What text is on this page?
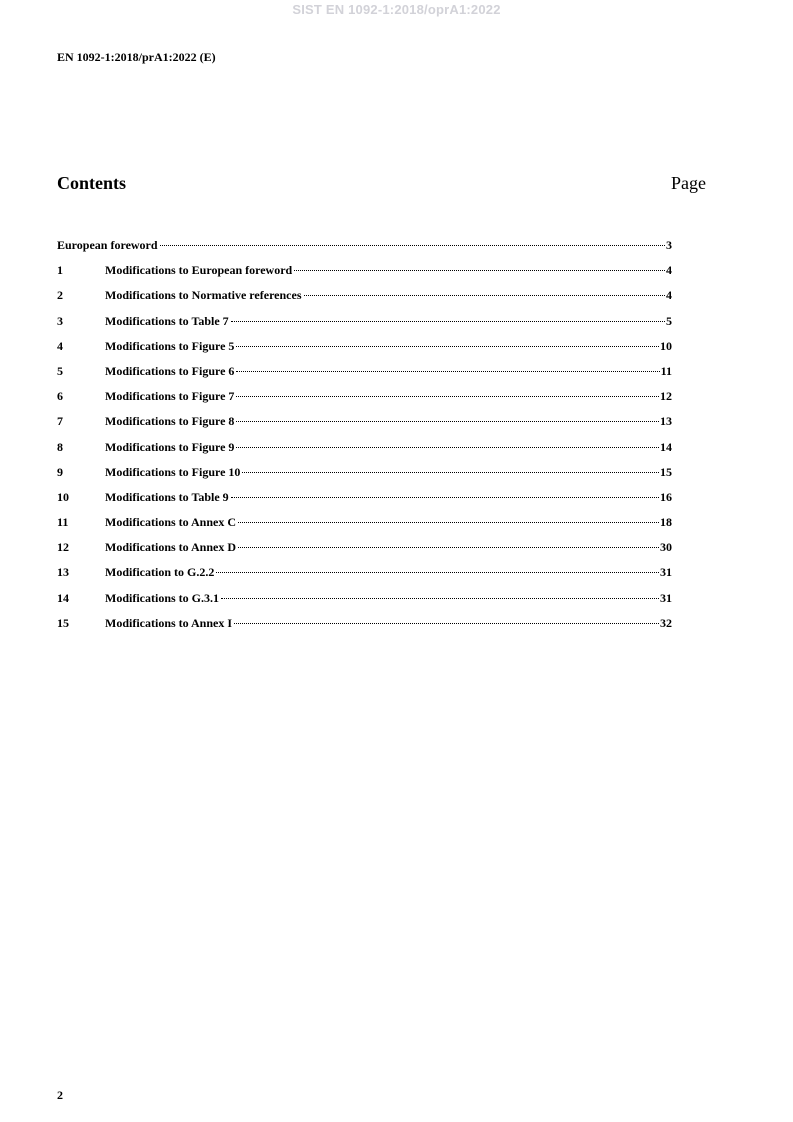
SIST EN 1092-1:2018/oprA1:2022
EN 1092-1:2018/prA1:2022 (E)
Contents	Page
European foreword	3
1	Modifications to European foreword	4
2	Modifications to Normative references	4
3	Modifications to Table 7	5
4	Modifications to Figure 5	10
5	Modifications to Figure 6	11
6	Modifications to Figure 7	12
7	Modifications to Figure 8	13
8	Modifications to Figure 9	14
9	Modifications to Figure 10	15
10	Modifications to Table 9	16
11	Modifications to Annex C	18
12	Modifications to Annex D	30
13	Modification to G.2.2	31
14	Modifications to G.3.1	31
15	Modifications to Annex I	32
2
